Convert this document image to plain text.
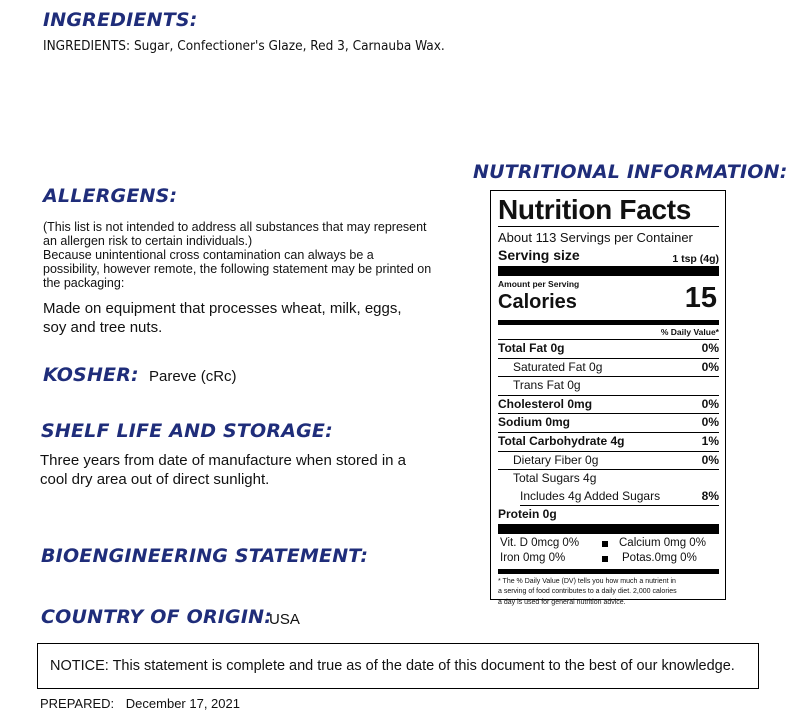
INGREDIENTS:
INGREDIENTS: Sugar, Confectioner's Glaze, Red 3, Carnauba Wax.
ALLERGENS:
(This list is not intended to address all substances that may represent
an allergen risk to certain individuals.)
Because unintentional cross contamination can always be a
possibility, however remote, the following statement may be printed on
the packaging:
Made on equipment that processes wheat, milk, eggs,
soy and tree nuts.
KOSHER: Pareve (cRc)
SHELF LIFE AND STORAGE:
Three years from date of manufacture when stored in a
cool dry area out of direct sunlight.
BIOENGINEERING STATEMENT:
COUNTRY OF ORIGIN:
USA
NUTRITIONAL INFORMATION:
Nutrition Facts
About 113 Servings per Container
Serving size	1 tsp (4g)
Amount per Serving
Calories	15
% Daily Value*
Total Fat 0g	0%
Saturated Fat 0g	0%
Trans Fat 0g
Cholesterol 0mg	0%
Sodium 0mg	0%
Total Carbohydrate 4g	1%
Dietary Fiber 0g	0%
Total Sugars 4g
Includes 4g Added Sugars	8%
Protein 0g
Vit. D 0mcg 0%	Calcium 0mg 0%
Iron 0mg 0%	Potas.0mg 0%
* The % Daily Value (DV) tells you how much a nutrient in
a serving of food contributes to a daily diet. 2,000 calories
a day is used for general nutrition advice.
NOTICE: This statement is complete and true as of the date of this document to the best of our knowledge.
PREPARED: December 17, 2021
